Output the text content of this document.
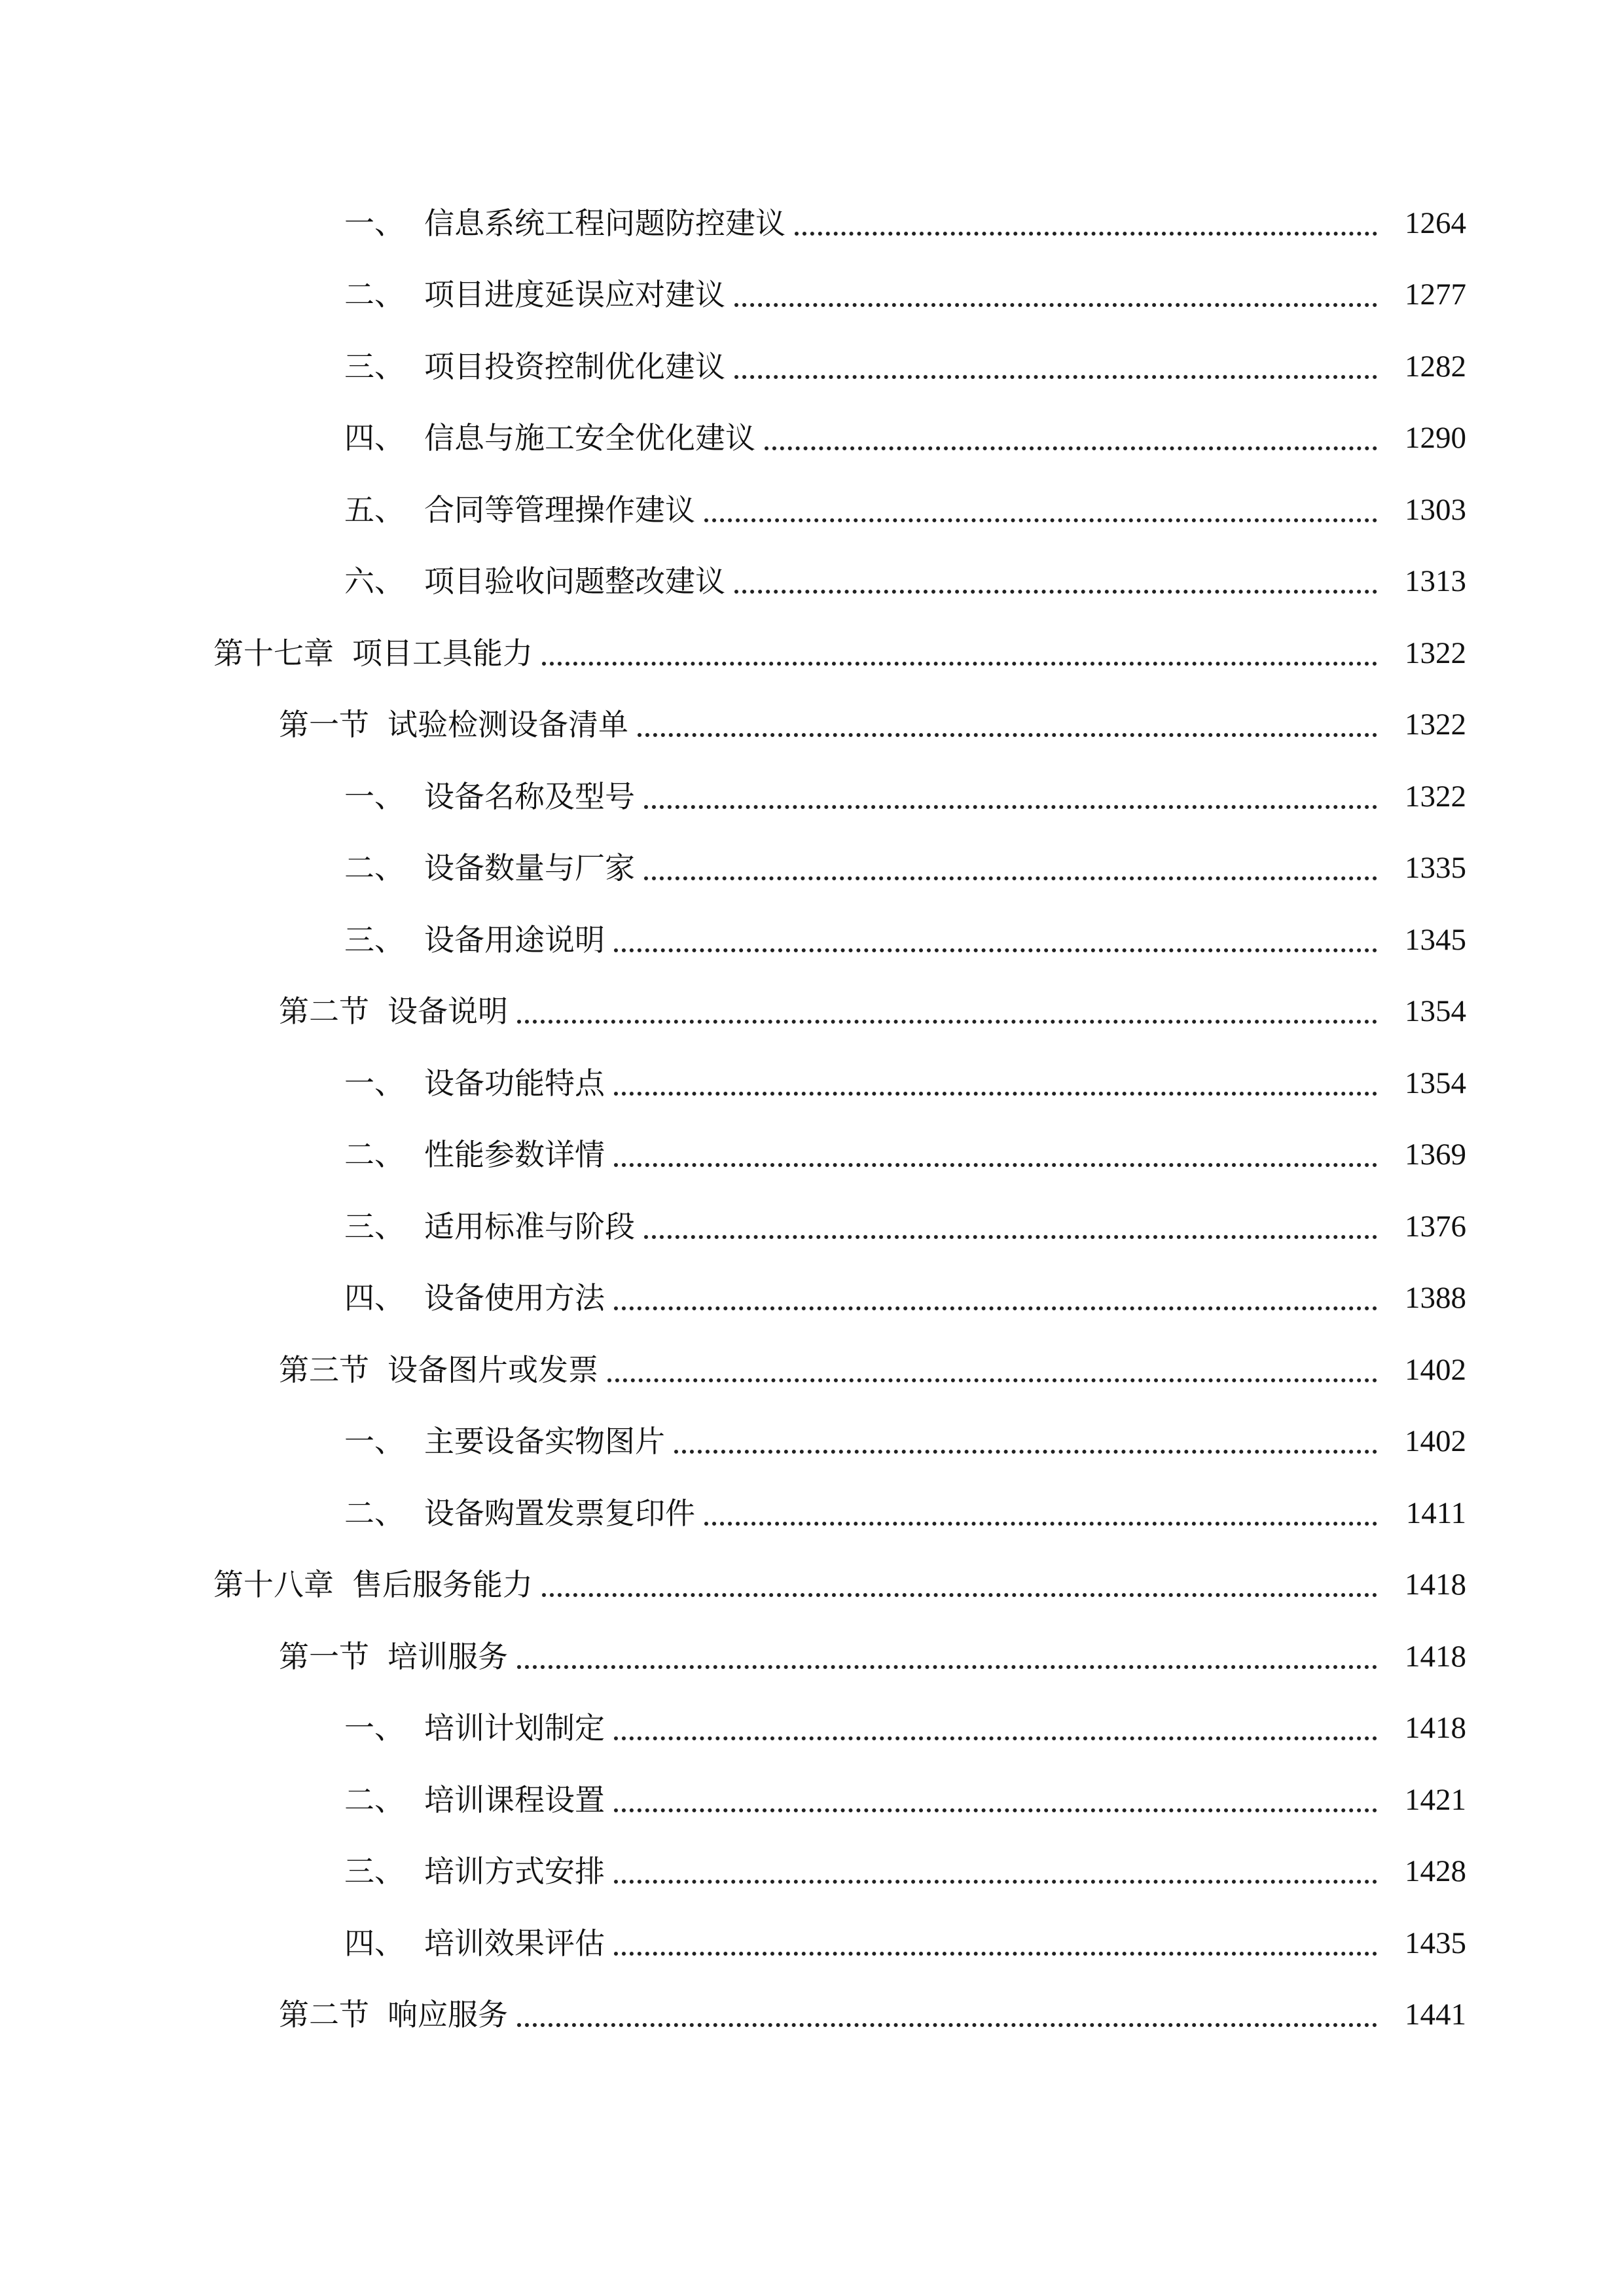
一、 信息系统工程问题防控建议	1264
二、 项目进度延误应对建议	1277
三、 项目投资控制优化建议	1282
四、 信息与施工安全优化建议	1290
五、 合同等管理操作建议	1303
六、 项目验收问题整改建议	1313
第十七章 项目工具能力	1322
第一节 试验检测设备清单	1322
一、 设备名称及型号	1322
二、 设备数量与厂家	1335
三、 设备用途说明	1345
第二节 设备说明	1354
一、 设备功能特点	1354
二、 性能参数详情	1369
三、 适用标准与阶段	1376
四、 设备使用方法	1388
第三节 设备图片或发票	1402
一、 主要设备实物图片	1402
二、 设备购置发票复印件	1411
第十八章 售后服务能力	1418
第一节 培训服务	1418
一、 培训计划制定	1418
二、 培训课程设置	1421
三、 培训方式安排	1428
四、 培训效果评估	1435
第二节 响应服务	1441
